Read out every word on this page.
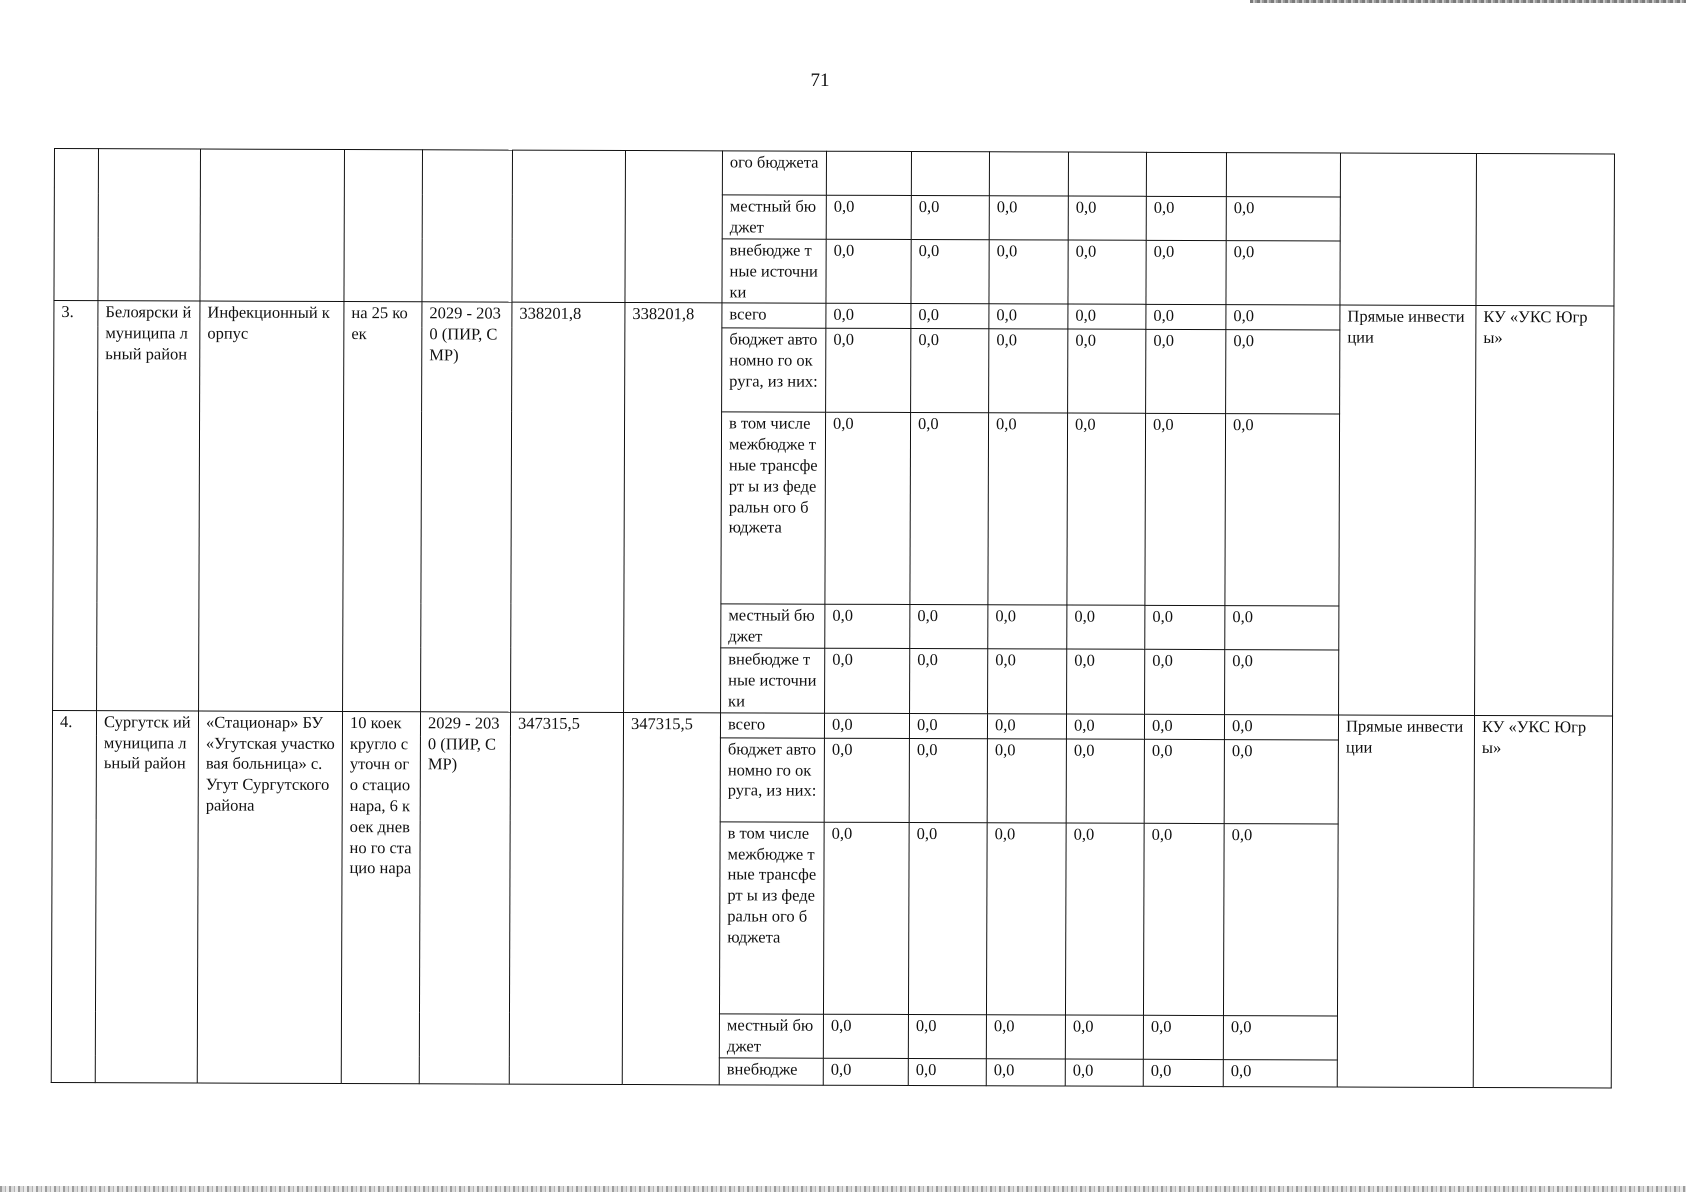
71
							ого бюджета								
							местный бюджет	0,0	0,0	0,0	0,0	0,0	0,0		
							внебюдже тные источники	0,0	0,0	0,0	0,0	0,0	0,0		
3.	Белоярски й муниципа льный район	Инфекционный корпус	на 25 коек	2029 - 2030 (ПИР, СМР)	338201,8	338201,8	всего	0,0	0,0	0,0	0,0	0,0	0,0	Прямые инвестиции	КУ «УКС Югры»
							бюджет автономно го округа, из них:	0,0	0,0	0,0	0,0	0,0	0,0		
							в том числе межбюдже тные трансферт ы из федеральн ого бюджета	0,0	0,0	0,0	0,0	0,0	0,0		
							местный бюджет	0,0	0,0	0,0	0,0	0,0	0,0		
							внебюдже тные источники	0,0	0,0	0,0	0,0	0,0	0,0		
4.	Сургутск ий муниципа льный район	«Стационар» БУ «Угутская участковая больница» с. Угут Сургутского района	10 коек кругло суточн ого стацио нара, 6 коек дневно го стацио нара	2029 - 2030 (ПИР, СМР)	347315,5	347315,5	всего	0,0	0,0	0,0	0,0	0,0	0,0	Прямые инвестиции	КУ «УКС Югры»
							бюджет автономно го округа, из них:	0,0	0,0	0,0	0,0	0,0	0,0		
							в том числе межбюдже тные трансферт ы из федеральн ого бюджета	0,0	0,0	0,0	0,0	0,0	0,0		
							местный бюджет	0,0	0,0	0,0	0,0	0,0	0,0		
							внебюдже	0,0	0,0	0,0	0,0	0,0	0,0		
